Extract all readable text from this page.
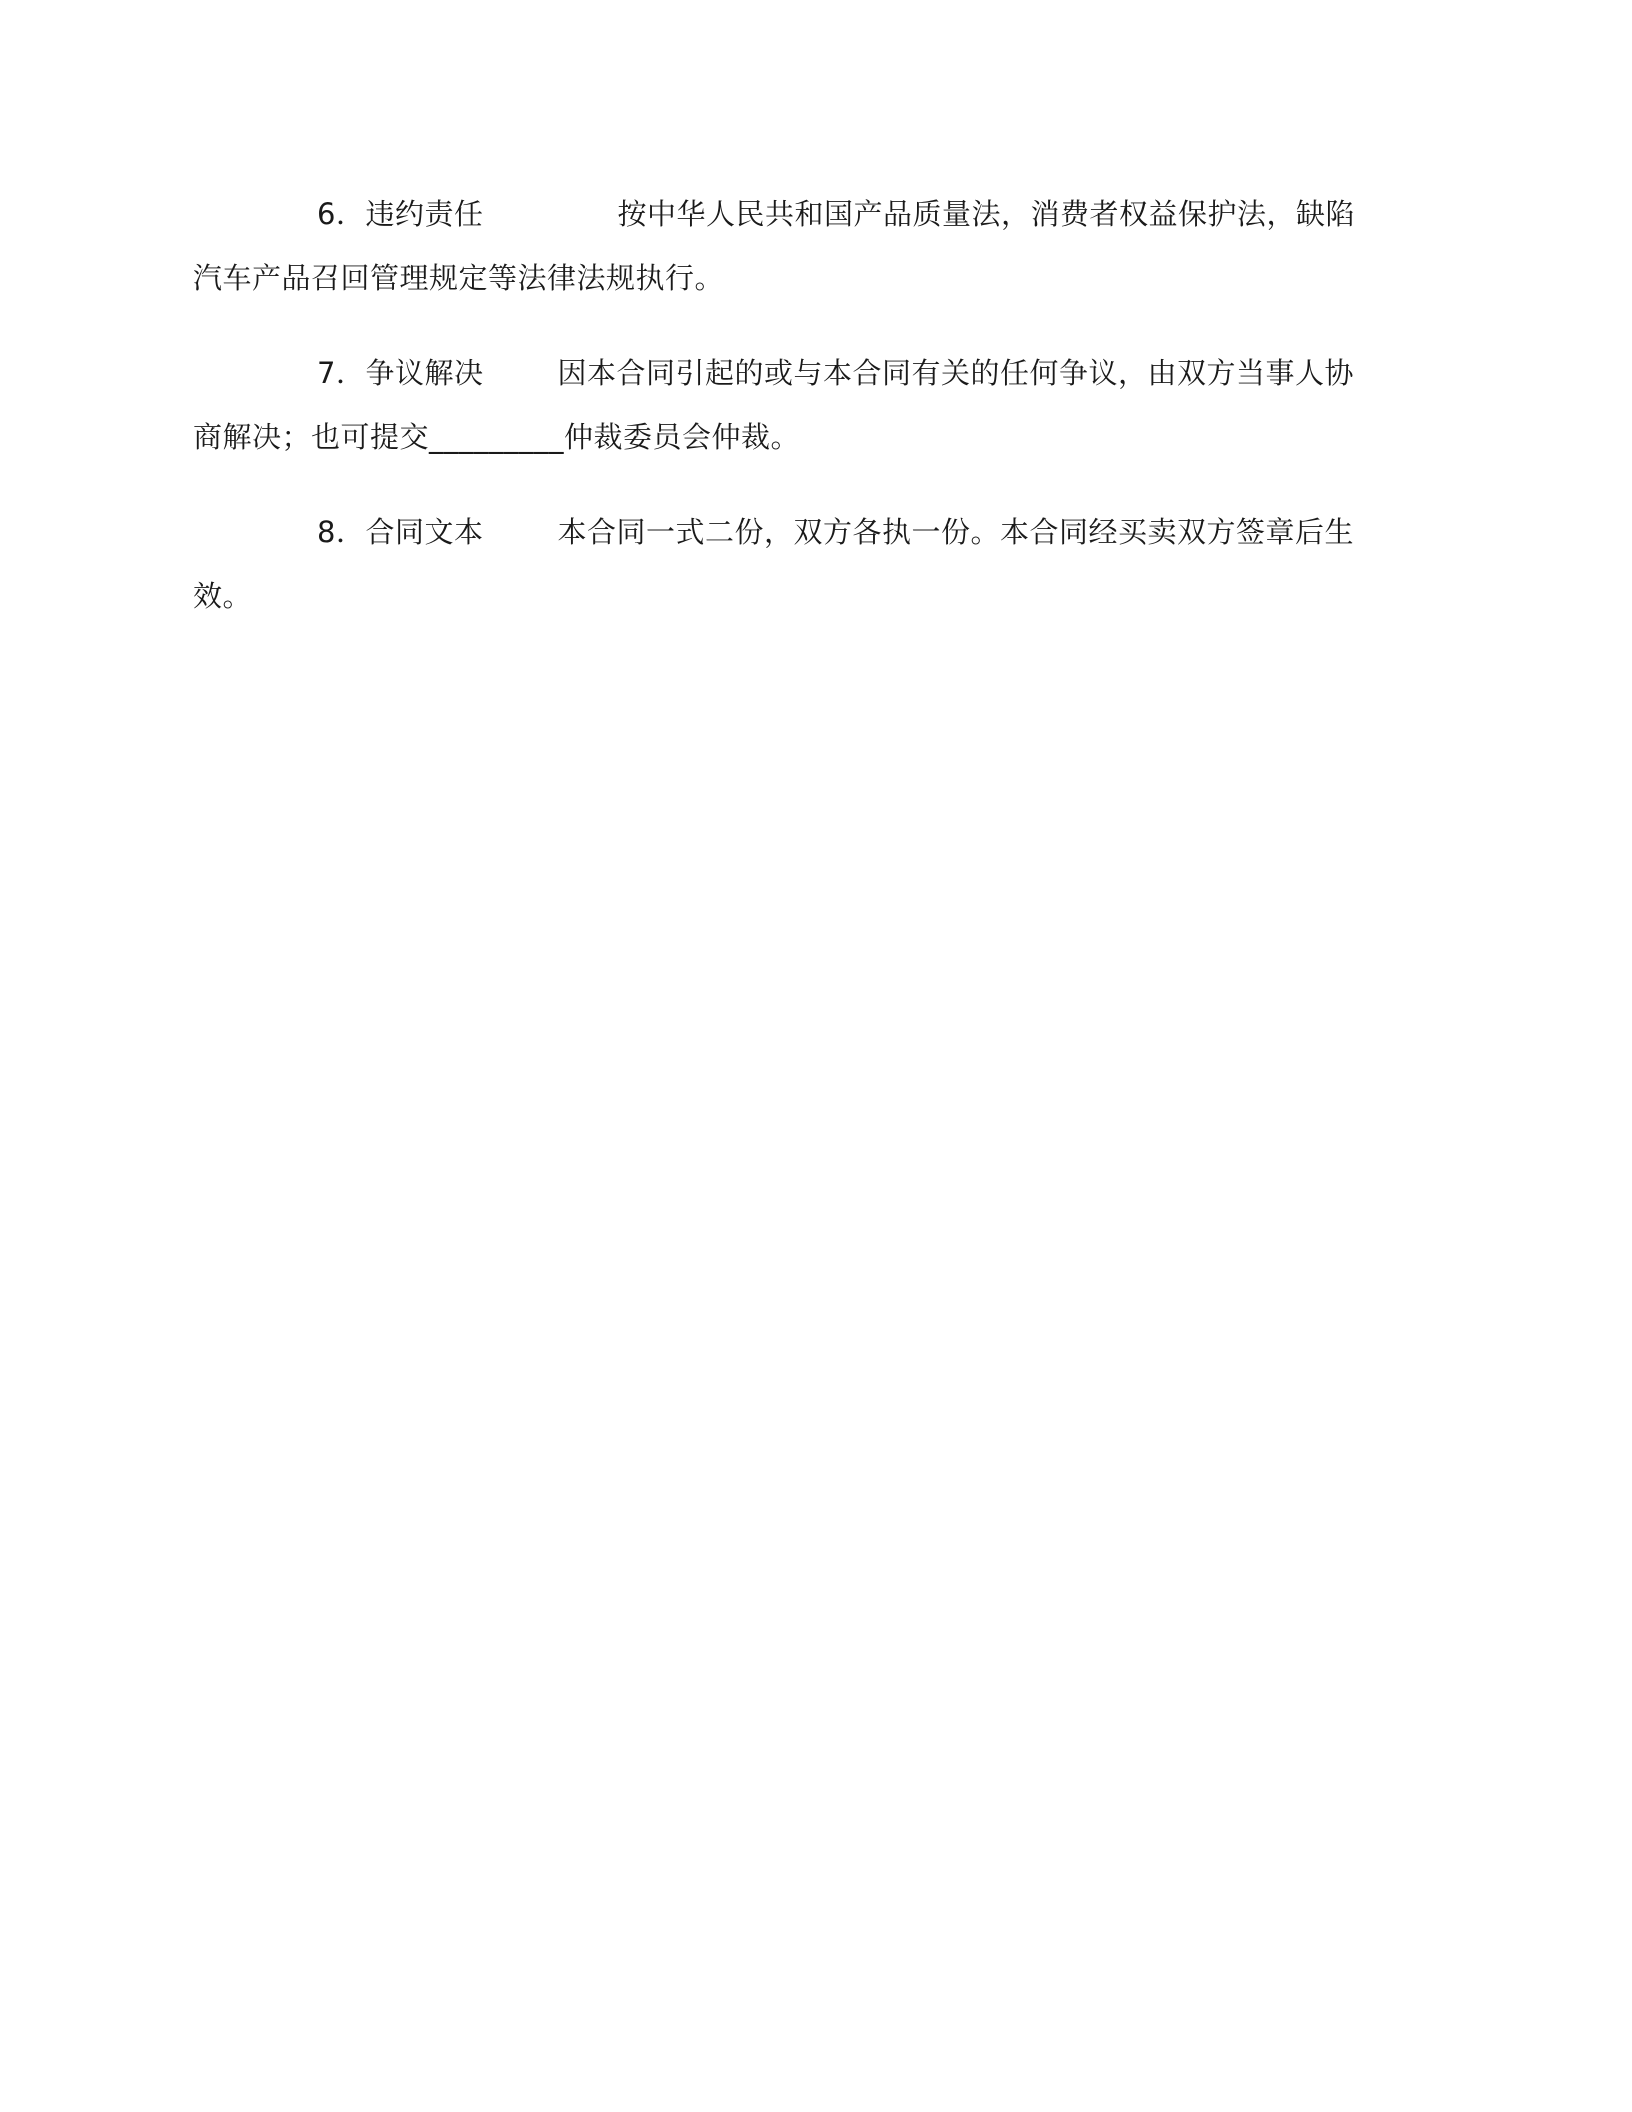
6．违约责任	按中华人民共和国产品质量法，消费者权益保护法，缺陷
汽车产品召回管理规定等法律法规执行。
7．争议解决	因本合同引起的或与本合同有关的任何争议，由双方当事人协
商解决；也可提交_________仲裁委员会仲裁。
8．合同文本	本合同一式二份，双方各执一份。本合同经买卖双方签章后生
效。
